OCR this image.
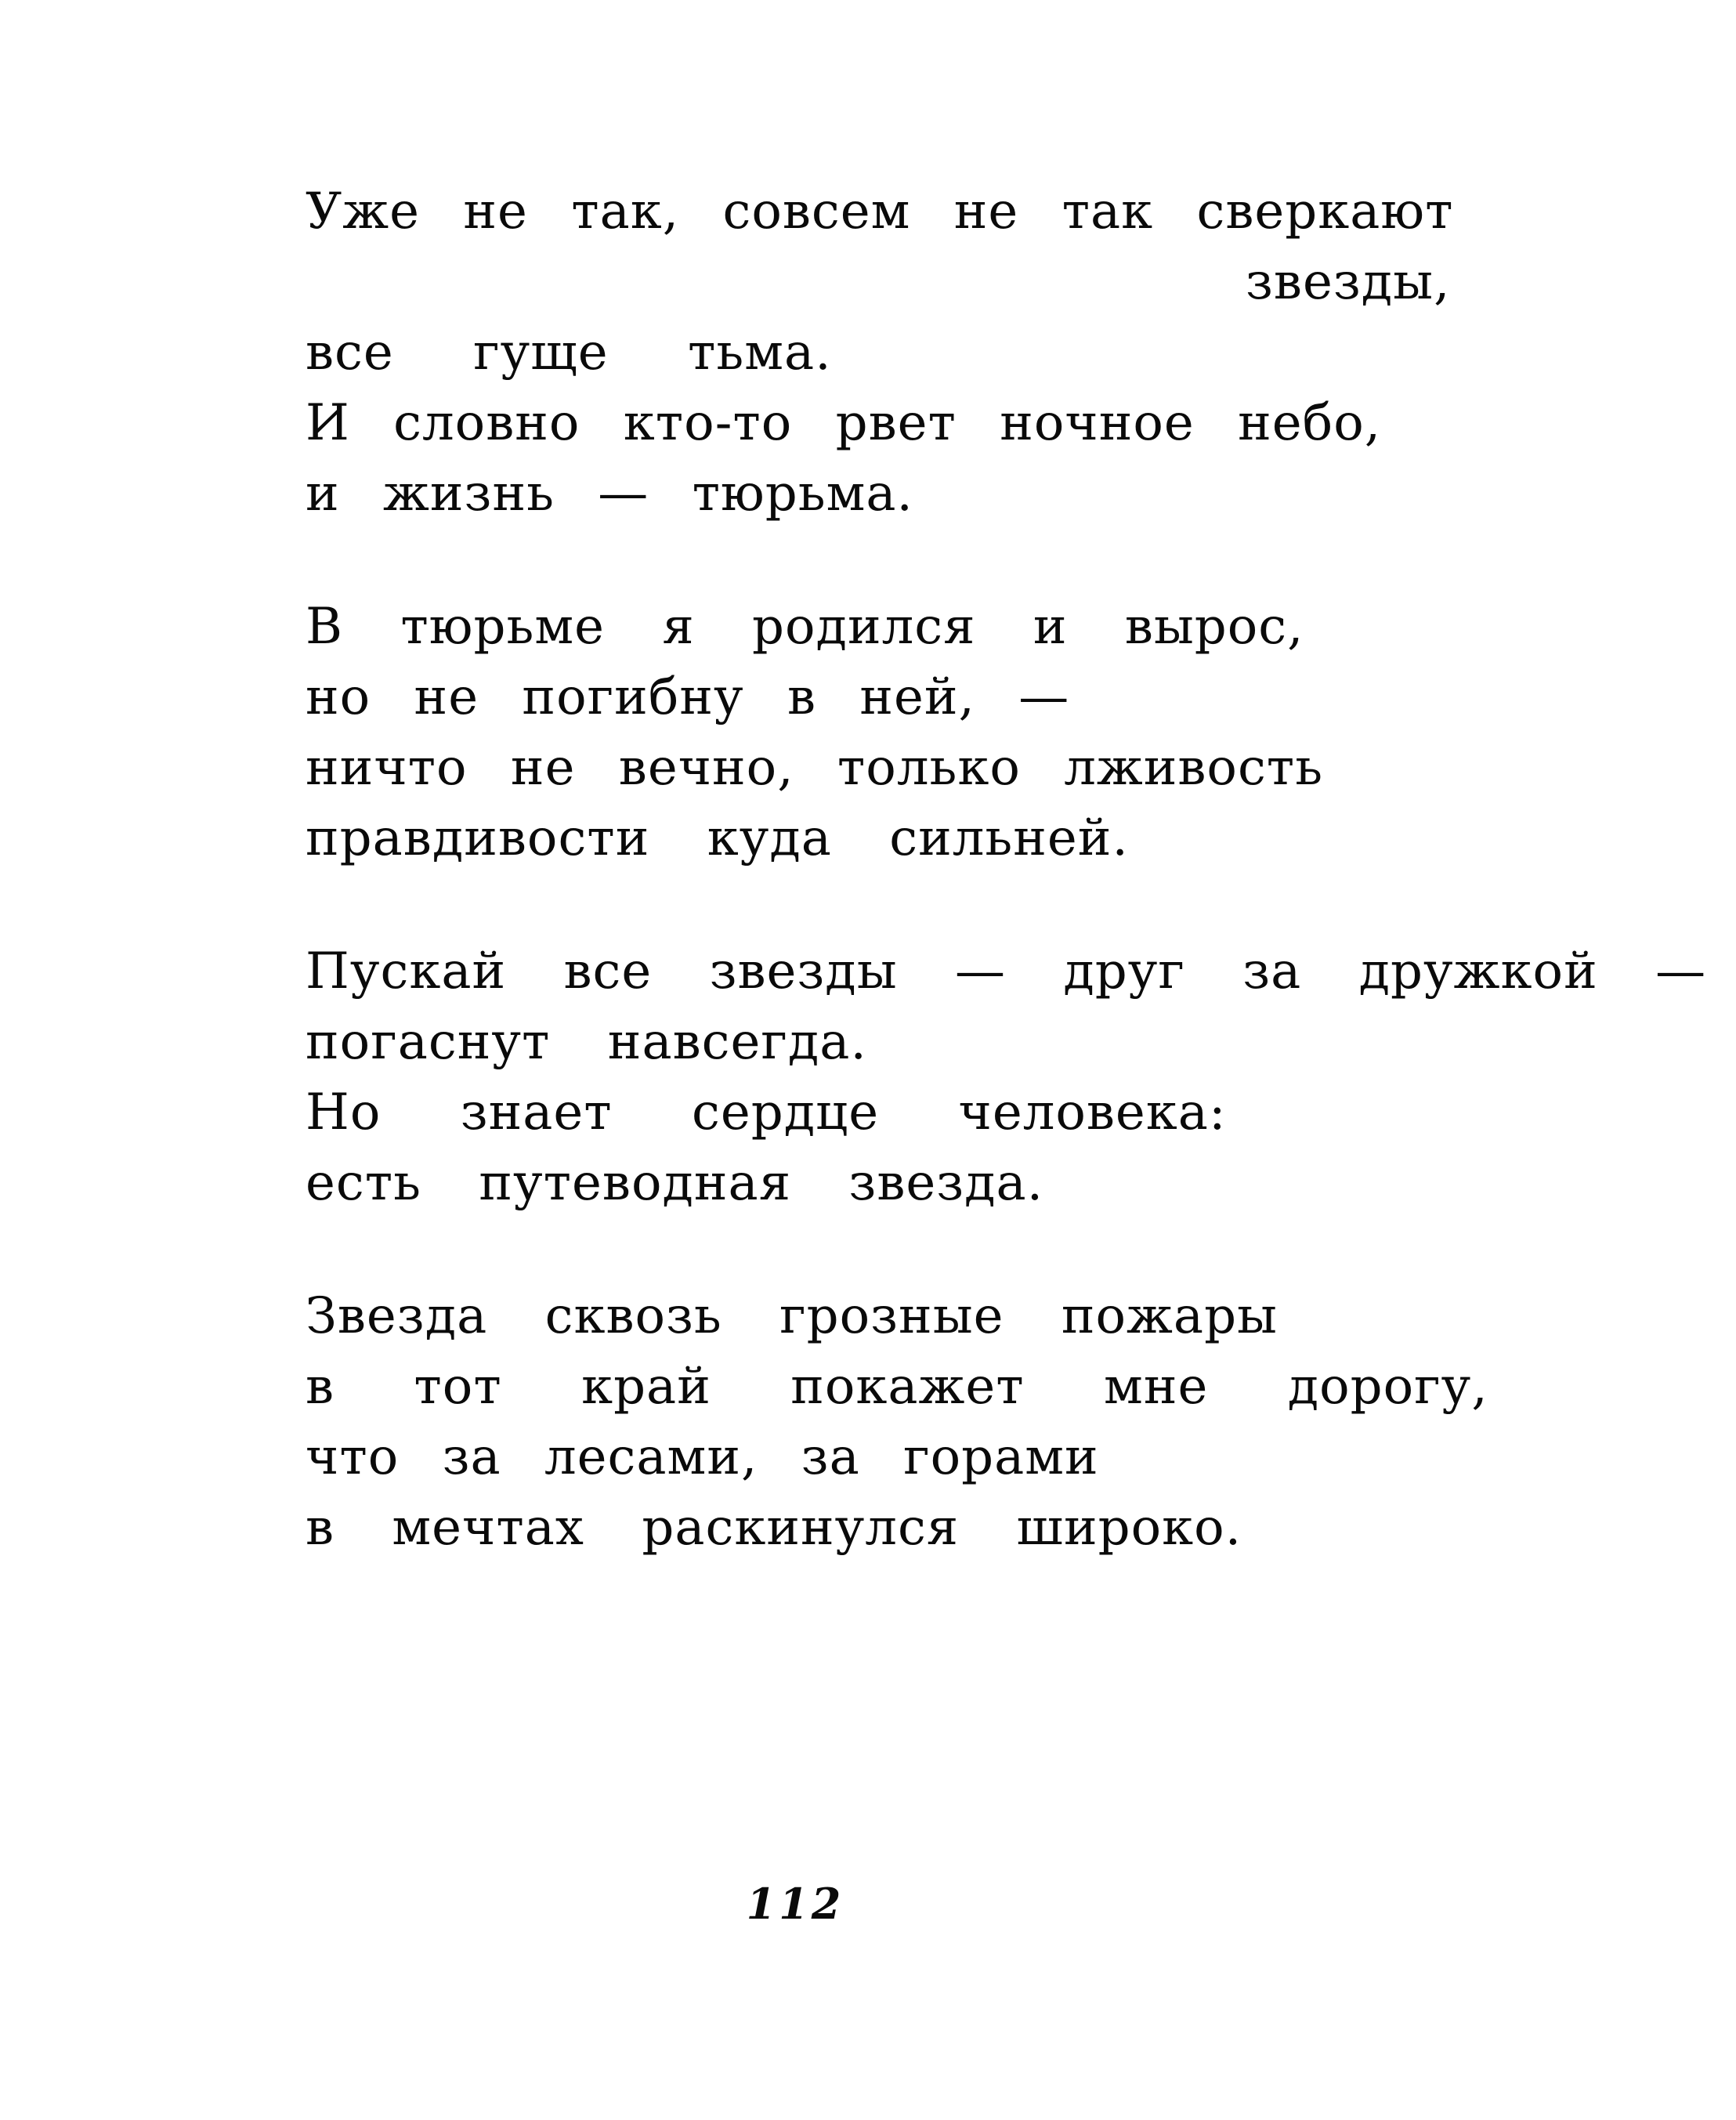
Уже не так, совсем не так сверкают

звезды,

все гуще тьма.

И словно кто-то рвет ночное небо,

и жизнь — тюрьма.

В тюрьме я родился и вырос,

но не погибну в ней, —

ничто не вечно, только лживость

правдивости куда сильней.

Пускай все звезды — друг за дружкой —

погаснут навсегда.

Но знает сердце человека:

есть путеводная звезда.

Звезда сквозь грозные пожары

в тот край покажет мне дорогу,

что за лесами, за горами

в мечтах раскинулся широко.

112
